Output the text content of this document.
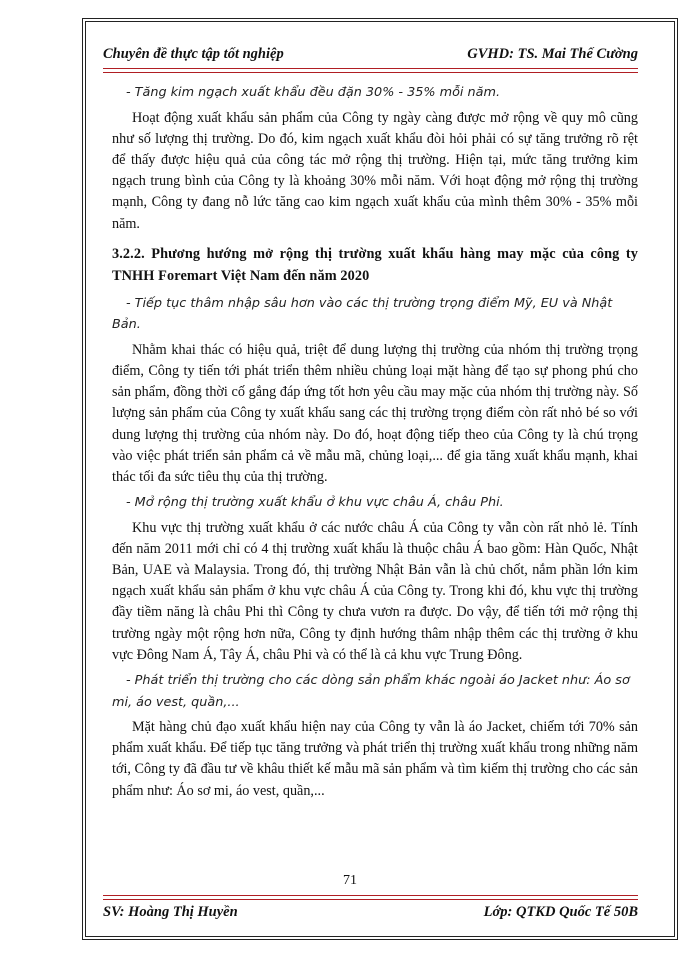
Chuyên đề thực tập tốt nghiệp	GVHD: TS. Mai Thế Cường

- Tăng kim ngạch xuất khẩu đều đặn 30% - 35% mỗi năm.

Hoạt động xuất khẩu sản phẩm của Công ty ngày càng được mở rộng về quy mô cũng như số lượng thị trường. Do đó, kim ngạch xuất khẩu đòi hỏi phải có sự tăng trưởng rõ rệt để thấy được hiệu quả của công tác mở rộng thị trường. Hiện tại, mức tăng trưởng kim ngạch trung bình của Công ty là khoảng 30% mỗi năm. Với hoạt động mở rộng thị trường mạnh, Công ty đang nỗ lức tăng cao kim ngạch xuất khẩu của mình thêm 30% - 35% mỗi năm.

3.2.2. Phương hướng mở rộng thị trường xuất khẩu hàng may mặc của công ty TNHH Foremart Việt Nam đến năm 2020

- Tiếp tục thâm nhập sâu hơn vào các thị trường trọng điểm Mỹ, EU và Nhật Bản.

Nhằm khai thác có hiệu quả, triệt để dung lượng thị trường của nhóm thị trường trọng điểm, Công ty tiến tới phát triển thêm nhiều chủng loại mặt hàng để tạo sự phong phú cho sản phẩm, đồng thời cố gắng đáp ứng tốt hơn yêu cầu may mặc của nhóm thị trường này. Số lượng sản phẩm của Công ty xuất khẩu sang các thị trường trọng điểm còn rất nhỏ bé so với dung lượng thị trường của nhóm này. Do đó, hoạt động tiếp theo của Công ty là chú trọng vào việc phát triển sản phẩm cả về mẫu mã, chủng loại,... để gia tăng xuất khẩu mạnh, khai thác tối đa sức tiêu thụ của thị trường.

- Mở rộng thị trường xuất khẩu ở khu vực châu Á, châu Phi.

Khu vực thị trường xuất khẩu ở các nước châu Á của Công ty vẫn còn rất nhỏ lẻ. Tính đến năm 2011 mới chỉ có 4 thị trường xuất khẩu là thuộc châu Á bao gồm: Hàn Quốc, Nhật Bản, UAE và Malaysia. Trong đó, thị trường Nhật Bản vẫn là chủ chốt, nắm phần lớn kim ngạch xuất khẩu sản phẩm ở khu vực châu Á của Công ty. Trong khi đó, khu vực thị trường đầy tiềm năng là châu Phi thì Công ty chưa vươn ra được. Do vậy, để tiến tới mở rộng thị trường ngày một rộng hơn nữa, Công ty định hướng thâm nhập thêm các thị trường ở khu vực Đông Nam Á, Tây Á, châu Phi và có thể là cả khu vực Trung Đông.

- Phát triển thị trường cho các dòng sản phẩm khác ngoài áo Jacket như: Áo sơ mi, áo vest, quần,...

Mặt hàng chủ đạo xuất khẩu hiện nay của Công ty vẫn là áo Jacket, chiếm tới 70% sản phẩm xuất khẩu. Để tiếp tục tăng trưởng và phát triển thị trường xuất khẩu trong những năm tới, Công ty đã đầu tư về khâu thiết kế mẫu mã sản phẩm và tìm kiếm thị trường cho các sản phẩm như: Áo sơ mi, áo vest, quần,...

71
SV: Hoàng Thị Huyền	Lớp: QTKD Quốc Tế 50B
